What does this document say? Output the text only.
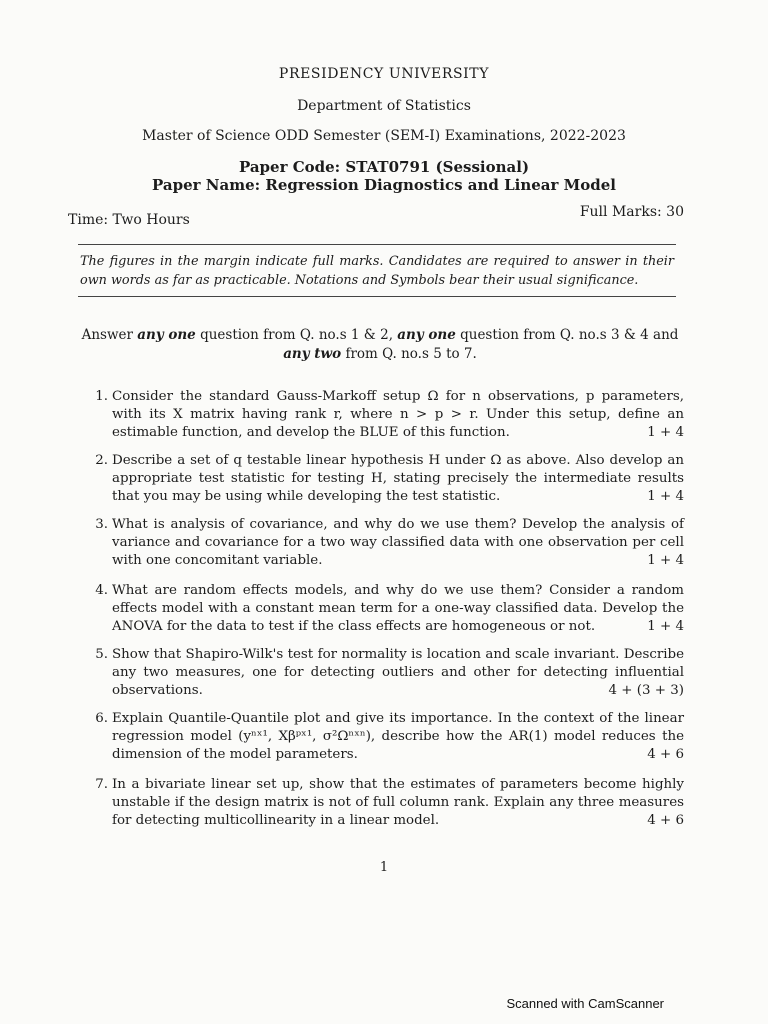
PRESIDENCY UNIVERSITY
Department of Statistics
Master of Science ODD Semester (SEM-I) Examinations, 2022-2023
Paper Code: STAT0791 (Sessional)
Paper Name: Regression Diagnostics and Linear Model
Time: Two Hours	Full Marks: 30
The figures in the margin indicate full marks. Candidates are required to answer in their own words as far as practicable. Notations and Symbols bear their usual significance.
Answer any one question from Q. no.s 1 & 2, any one question from Q. no.s 3 & 4 and
any two from Q. no.s 5 to 7.
1. Consider the standard Gauss-Markoff setup Ω for n observations, p parameters, with its X matrix having rank r, where n > p > r. Under this setup, define an estimable function, and develop the BLUE of this function.	1 + 4
2. Describe a set of q testable linear hypothesis H under Ω as above. Also develop an appropriate test statistic for testing H, stating precisely the intermediate results that you may be using while developing the test statistic.	1 + 4
3. What is analysis of covariance, and why do we use them? Develop the analysis of variance and covariance for a two way classified data with one observation per cell with one concomitant variable.	1 + 4
4. What are random effects models, and why do we use them? Consider a random effects model with a constant mean term for a one-way classified data. Develop the ANOVA for the data to test if the class effects are homogeneous or not.	1 + 4
5. Show that Shapiro-Wilk's test for normality is location and scale invariant. Describe any two measures, one for detecting outliers and other for detecting influential observations.	4 + (3 + 3)
6. Explain Quantile-Quantile plot and give its importance. In the context of the linear regression model (yⁿˣ¹, Xβᵖˣ¹, σ²Ωⁿˣⁿ), describe how the AR(1) model reduces the dimension of the model parameters.	4 + 6
7. In a bivariate linear set up, show that the estimates of parameters become highly unstable if the design matrix is not of full column rank. Explain any three measures for detecting multicollinearity in a linear model.	4 + 6
1
Scanned with CamScanner
